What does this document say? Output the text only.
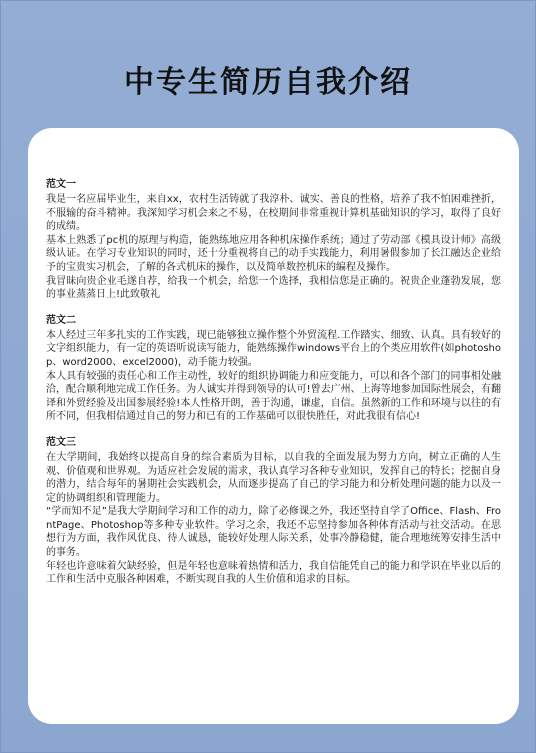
中专生简历自我介绍
范文一

我是一名应届毕业生，来自xx，农村生活铸就了我淳朴、诚实、善良的性格，培养了我不怕困难挫折，不服输的奋斗精神。我深知学习机会来之不易，在校期间非常重视计算机基础知识的学习，取得了良好的成绩。

基本上熟悉了pc机的原理与构造，能熟练地应用各种机床操作系统；通过了劳动部《模具设计师》高级级认证。在学习专业知识的同时，还十分重视将自己的动手实践能力，利用暑假参加了长江融达企业给予的宝贵实习机会，了解的各式机床的操作，以及简单数控机床的编程及操作。

我冒昧向贵企业毛遂自荐，给我一个机会，给您一个选择，我相信您是正确的。祝贵企业蓬勃发展，您的事业蒸蒸日上!此致敬礼

范文二

本人经过三年多扎实的工作实践，现已能够独立操作整个外贸流程.工作踏实、细致、认真。具有较好的文字组织能力，有一定的英语听说读写能力，能熟练操作windows平台上的个类应用软件(如photoshop、word2000、excel2000)，动手能力较强。

本人具有较强的责任心和工作主动性，较好的组织协调能力和应变能力，可以和各个部门的同事相处融洽，配合顺利地完成工作任务。为人诚实并得到领导的认可!曾去广州、上海等地参加国际性展会，有翻译和外贸经验及出国参展经验!本人性格开朗，善于沟通，谦虚，自信。虽然新的工作和环境与以往的有所不同，但我相信通过自己的努力和已有的工作基础可以很快胜任，对此我很有信心!

范文三

在大学期间，我始终以提高自身的综合素质为目标，以自我的全面发展为努力方向，树立正确的人生观、价值观和世界观。为适应社会发展的需求，我认真学习各种专业知识，发挥自己的特长；挖掘自身的潜力，结合每年的暑期社会实践机会，从而逐步提高了自己的学习能力和分析处理问题的能力以及一定的协调组织和管理能力。

“学而知不足”是我大学期间学习和工作的动力，除了必修课之外，我还坚持自学了Office、Flash、FrontPage、Photoshop等多种专业软件。学习之余，我还不忘坚持参加各种体育活动与社交活动。在思想行为方面，我作风优良、待人诚恳，能较好处理人际关系，处事冷静稳健，能合理地统筹安排生活中的事务。

年轻也许意味着欠缺经验，但是年轻也意味着热情和活力，我自信能凭自己的能力和学识在毕业以后的工作和生活中克服各种困难，不断实现自我的人生价值和追求的目标。
